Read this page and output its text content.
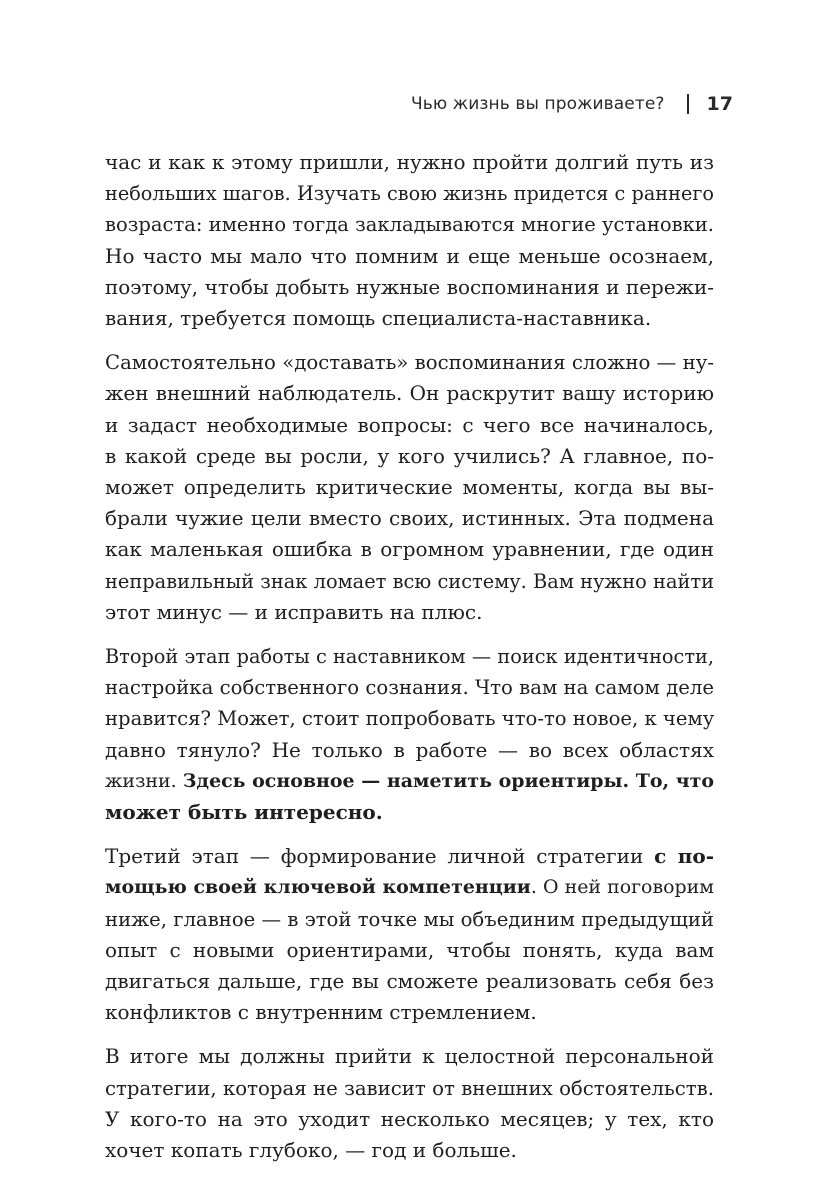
Чью жизнь вы проживаете? 17

час и как к этому пришли, нужно пройти долгий путь из
небольших шагов. Изучать свою жизнь придется с раннего
возраста: именно тогда закладываются многие установки.
Но часто мы мало что помним и еще меньше осознаем,
поэтому, чтобы добыть нужные воспоминания и пережи-
вания, требуется помощь специалиста-наставника.

Самостоятельно «доставать» воспоминания сложно — ну-
жен внешний наблюдатель. Он раскрутит вашу историю
и задаст необходимые вопросы: с чего все начиналось,
в какой среде вы росли, у кого учились? А главное, по-
может определить критические моменты, когда вы вы-
брали чужие цели вместо своих, истинных. Эта подмена
как маленькая ошибка в огромном уравнении, где один
неправильный знак ломает всю систему. Вам нужно найти
этот минус — и исправить на плюс.

Второй этап работы с наставником — поиск идентичности,
настройка собственного сознания. Что вам на самом деле
нравится? Может, стоит попробовать что-то новое, к чему
давно тянуло? Не только в работе — во всех областях
жизни. Здесь основное — наметить ориентиры. То, что
может быть интересно.

Третий этап — формирование личной стратегии с по-
мощью своей ключевой компетенции. О ней поговорим
ниже, главное — в этой точке мы объединим предыдущий
опыт с новыми ориентирами, чтобы понять, куда вам
двигаться дальше, где вы сможете реализовать себя без
конфликтов с внутренним стремлением.

В итоге мы должны прийти к целостной персональной
стратегии, которая не зависит от внешних обстоятельств.
У кого-то на это уходит несколько месяцев; у тех, кто
хочет копать глубоко, — год и больше.
